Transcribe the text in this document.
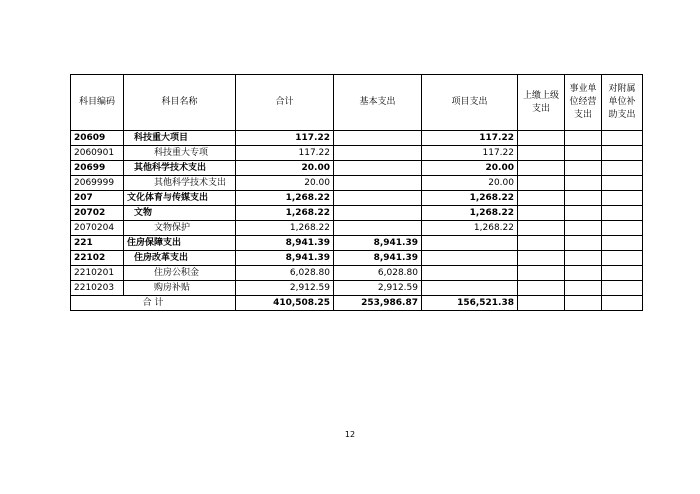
科目编码	科目名称	合计	基本支出	项目支出	上缴上级支出	事业单位经营支出	对附属单位补助支出
20609	科技重大项目	117.22		117.22			
2060901	科技重大专项	117.22		117.22			
20699	其他科学技术支出	20.00		20.00			
2069999	其他科学技术支出	20.00		20.00			
207	文化体育与传媒支出	1,268.22		1,268.22			
20702	文物	1,268.22		1,268.22			
2070204	文物保护	1,268.22		1,268.22			
221	住房保障支出	8,941.39	8,941.39				
22102	住房改革支出	8,941.39	8,941.39				
2210201	住房公积金	6,028.80	6,028.80				
2210203	购房补贴	2,912.59	2,912.59				
合 计		410,508.25	253,986.87	156,521.38			
12
